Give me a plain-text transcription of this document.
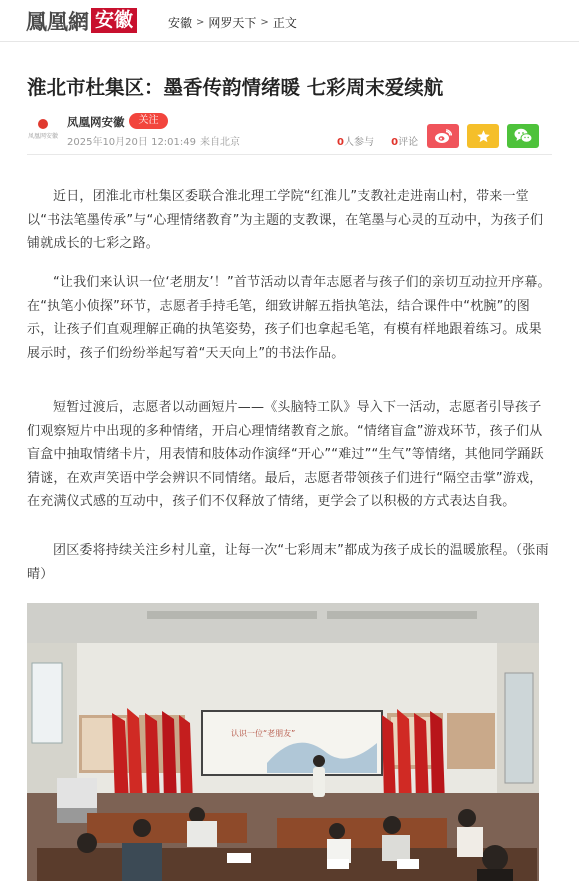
鳳凰網 安徽	安徽 > 网罗天下 > 正文
淮北市杜集区：墨香传韵情绪暖 七彩周末爱续航
凤凰网安徽
凤凰网安徽	关注
2025年10月20日 12:01:49 来自北京	0人参与 0评论

近日，团淮北市杜集区委联合淮北理工学院“红淮儿”支教社走进南山村，带来一堂以“书法笔墨传承”与“心理情绪教育”为主题的支教课，在笔墨与心灵的互动中，为孩子们铺就成长的七彩之路。

“让我们来认识一位‘老朋友’！”首节活动以青年志愿者与孩子们的亲切互动拉开序幕。在“执笔小侦探”环节，志愿者手持毛笔，细致讲解五指执笔法，结合课件中“枕腕”的图示，让孩子们直观理解正确的执笔姿势，孩子们也拿起毛笔，有模有样地跟着练习。成果展示时，孩子们纷纷举起写着“天天向上”的书法作品。

短暂过渡后，志愿者以动画短片——《头脑特工队》导入下一活动，志愿者引导孩子们观察短片中出现的多种情绪，开启心理情绪教育之旅。“情绪盲盒”游戏环节，孩子们从盲盒中抽取情绪卡片，用表情和肢体动作演绎“开心”“难过”“生气”等情绪，其他同学踊跃猜谜，在欢声笑语中学会辨识不同情绪。最后，志愿者带领孩子们进行“隔空击掌”游戏，在充满仪式感的互动中，孩子们不仅释放了情绪，更学会了以积极的方式表达自我。

团区委将持续关注乡村儿童，让每一次“七彩周末”都成为孩子成长的温暖旅程。（张雨晴）

认识一位“老朋友”
